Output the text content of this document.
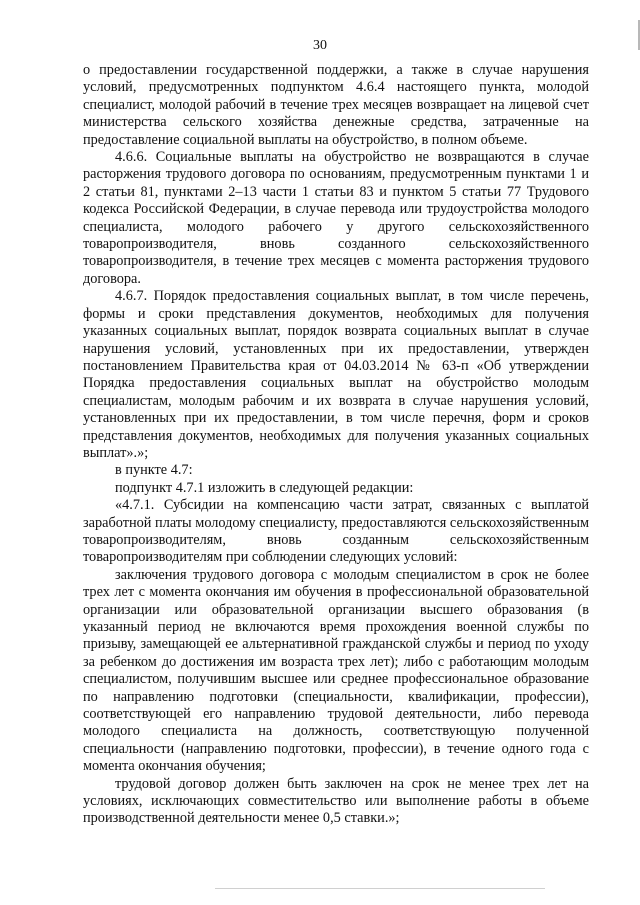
30

о предоставлении государственной поддержки, а также в случае нарушения условий, предусмотренных подпунктом 4.6.4 настоящего пункта, молодой специалист, молодой рабочий в течение трех месяцев возвращает на лицевой счет министерства сельского хозяйства денежные средства, затраченные на предоставление социальной выплаты на обустройство, в полном объеме.

4.6.6. Социальные выплаты на обустройство не возвращаются в случае расторжения трудового договора по основаниям, предусмотренным пунктами 1 и 2 статьи 81, пунктами 2–13 части 1 статьи 83 и пунктом 5 статьи 77 Трудового кодекса Российской Федерации, в случае перевода или трудоустройства молодого специалиста, молодого рабочего у другого сельскохозяйственного товаропроизводителя, вновь созданного сельскохозяйственного товаропроизводителя, в течение трех месяцев с момента расторжения трудового договора.

4.6.7. Порядок предоставления социальных выплат, в том числе перечень, формы и сроки представления документов, необходимых для получения указанных социальных выплат, порядок возврата социальных выплат в случае нарушения условий, установленных при их предоставлении, утвержден постановлением Правительства края от 04.03.2014 № 63-п «Об утверждении Порядка предоставления социальных выплат на обустройство молодым специалистам, молодым рабочим и их возврата в случае нарушения условий, установленных при их предоставлении, в том числе перечня, форм и сроков представления документов, необходимых для получения указанных социальных выплат».»;

в пункте 4.7:

подпункт 4.7.1 изложить в следующей редакции:

«4.7.1. Субсидии на компенсацию части затрат, связанных с выплатой заработной платы молодому специалисту, предоставляются сельскохозяйственным товаропроизводителям, вновь созданным сельскохозяйственным товаропроизводителям при соблюдении следующих условий:

заключения трудового договора с молодым специалистом в срок не более трех лет с момента окончания им обучения в профессиональной образовательной организации или образовательной организации высшего образования (в указанный период не включаются время прохождения военной службы по призыву, замещающей ее альтернативной гражданской службы и период по уходу за ребенком до достижения им возраста трех лет); либо с работающим молодым специалистом, получившим высшее или среднее профессиональное образование по направлению подготовки (специальности, квалификации, профессии), соответствующей его направлению трудовой деятельности, либо перевода молодого специалиста на должность, соответствующую полученной специальности (направлению подготовки, профессии), в течение одного года с момента окончания обучения;

трудовой договор должен быть заключен на срок не менее трех лет на условиях, исключающих совместительство или выполнение работы в объеме производственной деятельности менее 0,5 ставки.»;
